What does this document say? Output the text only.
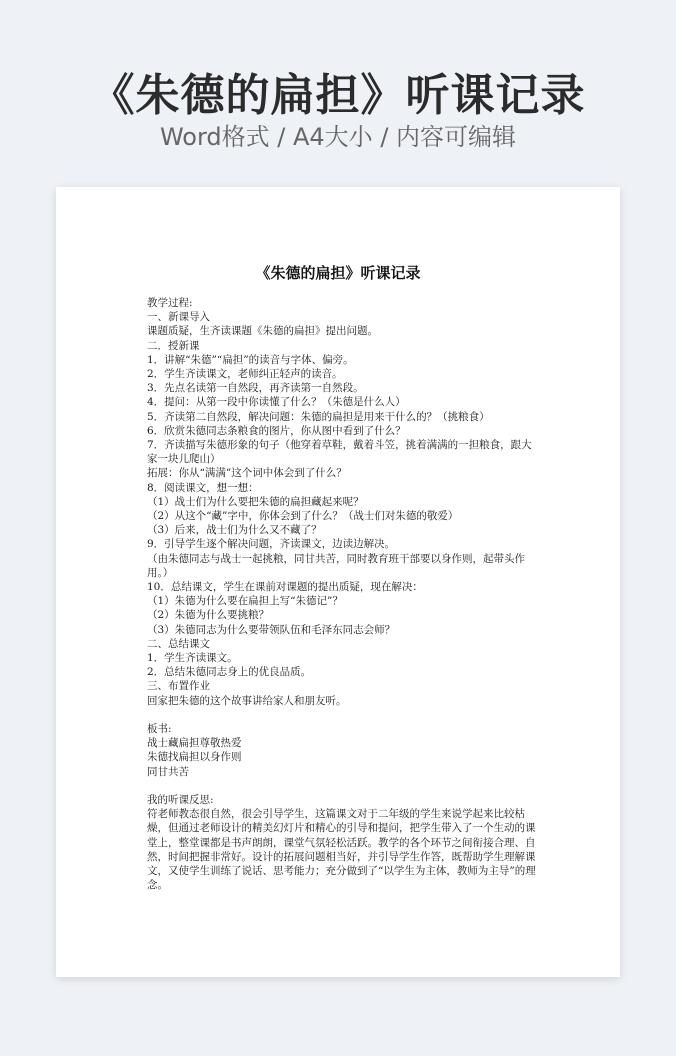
《朱德的扁担》听课记录
Word格式 / A4大小 / 内容可编辑
《朱德的扁担》听课记录
教学过程:
一、新课导入
课题质疑，生齐读课题《朱德的扁担》提出问题。
二．授新课
1．讲解“朱德”“扁担”的读音与字体、偏旁。
2．学生齐读课文，老师纠正轻声的读音。
3．先点名读第一自然段，再齐读第一自然段。
4．提问：从第一段中你读懂了什么？（朱德是什么人）
5．齐读第二自然段，解决问题：朱德的扁担是用来干什么的？（挑粮食）
6．欣赏朱德同志条粮食的图片，你从图中看到了什么？
7．齐读描写朱德形象的句子（他穿着草鞋，戴着斗笠，挑着满满的一担粮食，跟大家一块儿爬山）
拓展：你从“满满”这个词中体会到了什么？
8．阅读课文，想一想：
（1）战士们为什么要把朱德的扁担藏起来呢？
（2）从这个“藏”字中，你体会到了什么？（战士们对朱德的敬爱）
（3）后来，战士们为什么又不藏了？
9．引导学生逐个解决问题，齐读课文，边读边解决。
（由朱德同志与战士一起挑粮，同甘共苦，同时教育班干部要以身作则，起带头作用。）
10．总结课文，学生在课前对课题的提出质疑，现在解决：
（1）朱德为什么要在扁担上写“朱德记”？
（2）朱德为什么要挑粮？
（3）朱德同志为什么要带领队伍和毛泽东同志会师？
二、总结课文
1．学生齐读课文。
2．总结朱德同志身上的优良品质。
三、布置作业
回家把朱德的这个故事讲给家人和朋友听。
板书:
战士藏扁担尊敬热爱
朱德找扁担以身作则
同甘共苦
我的听课反思:
符老师教态很自然，很会引导学生，这篇课文对于二年级的学生来说学起来比较枯燥，但通过老师设计的精美幻灯片和精心的引导和提问，把学生带入了一个生动的课堂上，整堂课都是书声朗朗，课堂气氛轻松活跃。教学的各个环节之间衔接合理、自然，时间把握非常好。设计的拓展问题相当好，并引导学生作答，既帮助学生理解课文，又使学生训练了说话、思考能力；充分做到了“以学生为主体，教师为主导”的理念。
